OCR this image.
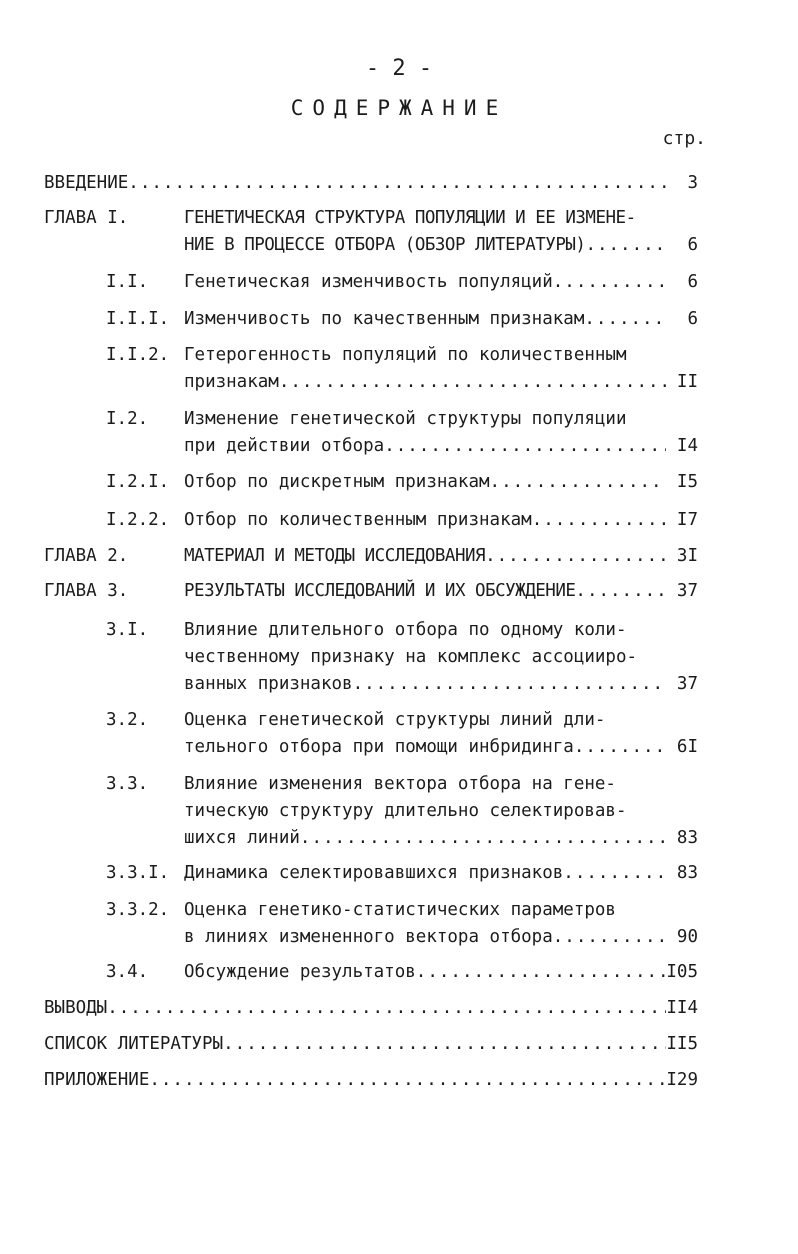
- 2 -
СОДЕРЖАНИЕ
стр.
ВВЕДЕНИЕ .....	3
ГЛАВА I.	ГЕНЕТИЧЕСКАЯ СТРУКТУРА ПОПУЛЯЦИИ И ЕЕ ИЗМЕНЕ-
НИЕ В ПРОЦЕССЕ ОТБОРА (ОБЗОР ЛИТЕРАТУРЫ) .....	6
I.I. Генетическая изменчивость популяций .....	6
I.I.I. Изменчивость по качественным признакам .....	6
I.I.2. Гетерогенность популяций по количественным
признакам .....	II
I.2. Изменение генетической структуры популяции
при действии отбора .....	I4
I.2.I. Отбор по дискретным признакам .....	I5
I.2.2. Отбор по количественным признакам .....	I7
ГЛАВА 2.	МАТЕРИАЛ И МЕТОДЫ ИССЛЕДОВАНИЯ .....	3I
ГЛАВА 3.	РЕЗУЛЬТАТЫ ИССЛЕДОВАНИЙ И ИХ ОБСУЖДЕНИЕ .....	37
3.I. Влияние длительного отбора по одному коли-
чественному признаку на комплекс ассоцииро-
ванных признаков .....	37
3.2. Оценка генетической структуры линий дли-
тельного отбора при помощи инбридинга .....	6I
3.3. Влияние изменения вектора отбора на гене-
тическую структуру длительно селектировав-
шихся линий .....	83
3.3.I. Динамика селектировавшихся признаков .....	83
3.3.2. Оценка генетико-статистических параметров
в линиях измененного вектора отбора .....	90
3.4. Обсуждение результатов .....	I05
ВЫВОДЫ .....	II4
СПИСОК ЛИТЕРАТУРЫ .....	II5
ПРИЛОЖЕНИЕ .....	I29
